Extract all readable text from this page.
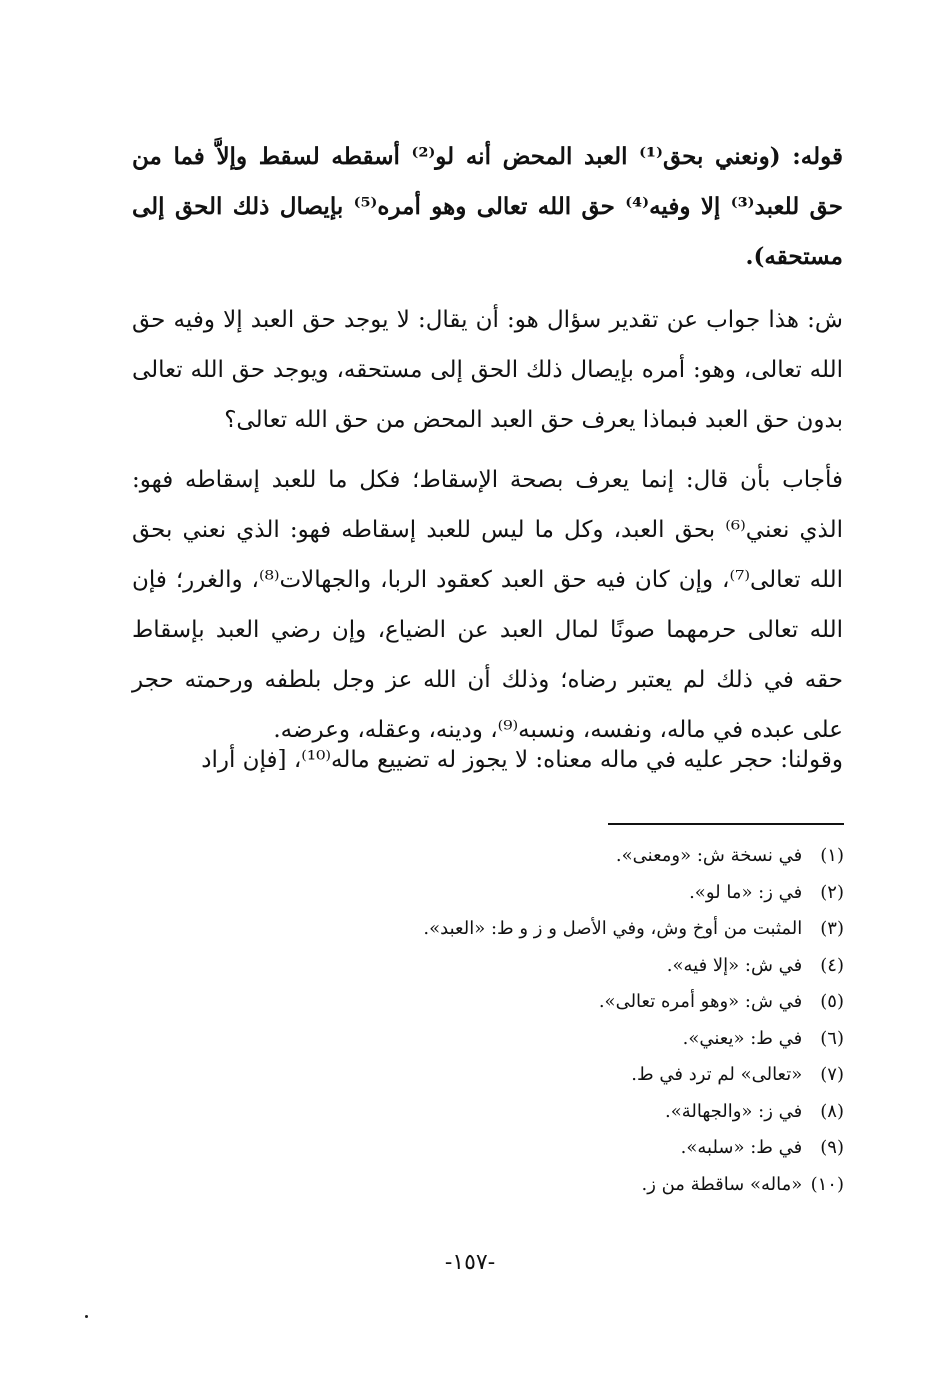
قوله: (ونعني بحق⁽¹⁾ العبد المحض أنه لو⁽²⁾ أسقطه لسقط وإلاَّ فما من حق للعبد⁽³⁾ إلا وفيه⁽⁴⁾ حق الله تعالى وهو أمره⁽⁵⁾ بإيصال ذلك الحق إلى مستحقه).

ش: هذا جواب عن تقدير سؤال هو: أن يقال: لا يوجد حق العبد إلا وفيه حق الله تعالى، وهو: أمره بإيصال ذلك الحق إلى مستحقه، ويوجد حق الله تعالى بدون حق العبد فبماذا يعرف حق العبد المحض من حق الله تعالى؟

فأجاب بأن قال: إنما يعرف بصحة الإسقاط؛ فكل ما للعبد إسقاطه فهو: الذي نعني⁽⁶⁾ بحق العبد، وكل ما ليس للعبد إسقاطه فهو: الذي نعني بحق الله تعالى⁽⁷⁾، وإن كان فيه حق العبد كعقود الربا، والجهالات⁽⁸⁾، والغرر؛ فإن الله تعالى حرمهما صونًا لمال العبد عن الضياع، وإن رضي العبد بإسقاط حقه في ذلك لم يعتبر رضاه؛ وذلك أن الله عز وجل بلطفه ورحمته حجر على عبده في ماله، ونفسه، ونسبه⁽⁹⁾، ودينه، وعقله، وعرضه.

وقولنا: حجر عليه في ماله معناه: لا يجوز له تضييع ماله⁽¹⁰⁾، [فإن أراد

(١) في نسخة ش: «ومعنى».
(٢) في ز: «ما لو».
(٣) المثبت من أوخ وش، وفي الأصل و ز و ط: «العبد».
(٤) في ش: «إلا فيه».
(٥) في ش: «وهو أمره تعالى».
(٦) في ط: «يعني».
(٧) «تعالى» لم ترد في ط.
(٨) في ز: «والجهالة».
(٩) في ط: «سلبه».
(١٠) «ماله» ساقطة من ز.
-١٥٧-
